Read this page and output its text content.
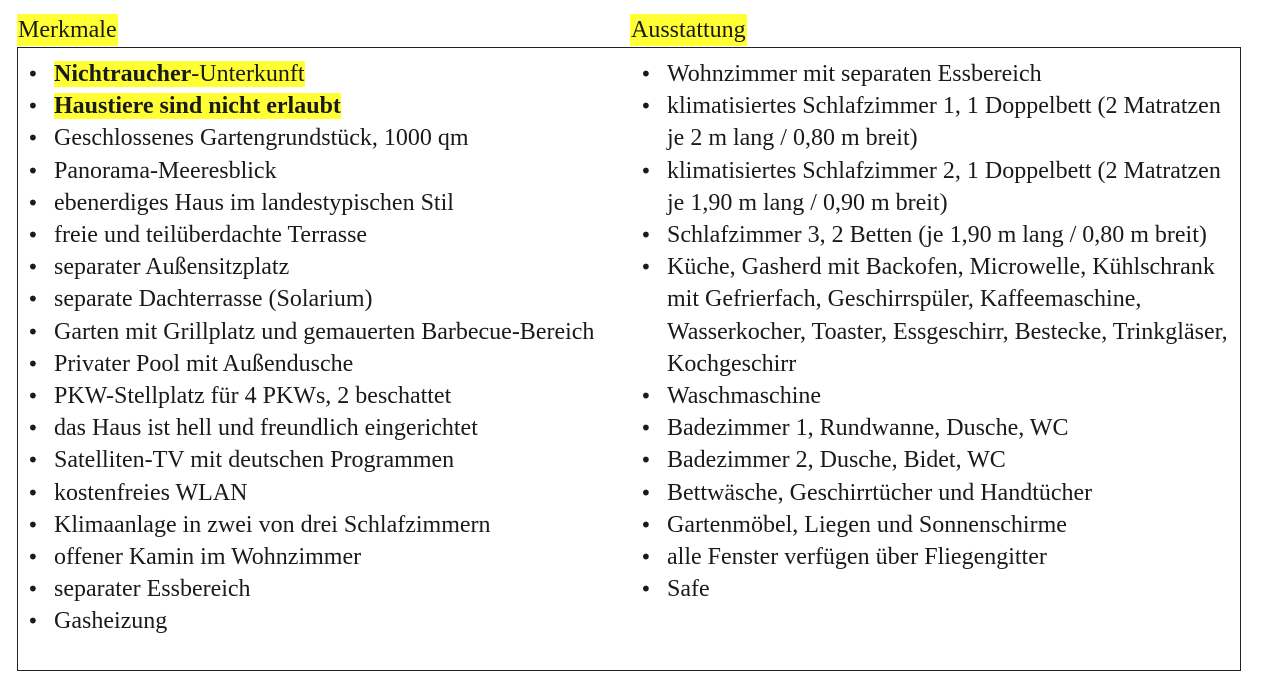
Merkmale	Ausstattung
• Nichtraucher-Unterkunft
• Haustiere sind nicht erlaubt
• Geschlossenes Gartengrundstück, 1000 qm
• Panorama-Meeresblick
• ebenerdiges Haus im landestypischen Stil
• freie und teilüberdachte Terrasse
• separater Außensitzplatz
• separate Dachterrasse (Solarium)
• Garten mit Grillplatz und gemauerten Barbecue-Bereich
• Privater Pool mit Außendusche
• PKW-Stellplatz für 4 PKWs, 2 beschattet
• das Haus ist hell und freundlich eingerichtet
• Satelliten-TV mit deutschen Programmen
• kostenfreies WLAN
• Klimaanlage in zwei von drei Schlafzimmern
• offener Kamin im Wohnzimmer
• separater Essbereich
• Gasheizung
• Wohnzimmer mit separaten Essbereich
• klimatisiertes Schlafzimmer 1, 1 Doppelbett (2 Matratzen je 2 m lang / 0,80 m breit)
• klimatisiertes Schlafzimmer 2, 1 Doppelbett (2 Matratzen je 1,90 m lang / 0,90 m breit)
• Schlafzimmer 3, 2 Betten (je 1,90 m lang / 0,80 m breit)
• Küche, Gasherd mit Backofen, Microwelle, Kühlschrank mit Gefrierfach, Geschirrspüler, Kaffeemaschine, Wasserkocher, Toaster, Essgeschirr, Bestecke, Trinkgläser, Kochgeschirr
• Waschmaschine
• Badezimmer 1, Rundwanne, Dusche, WC
• Badezimmer 2, Dusche, Bidet, WC
• Bettwäsche, Geschirrtücher und Handtücher
• Gartenmöbel, Liegen und Sonnenschirme
• alle Fenster verfügen über Fliegengitter
• Safe
